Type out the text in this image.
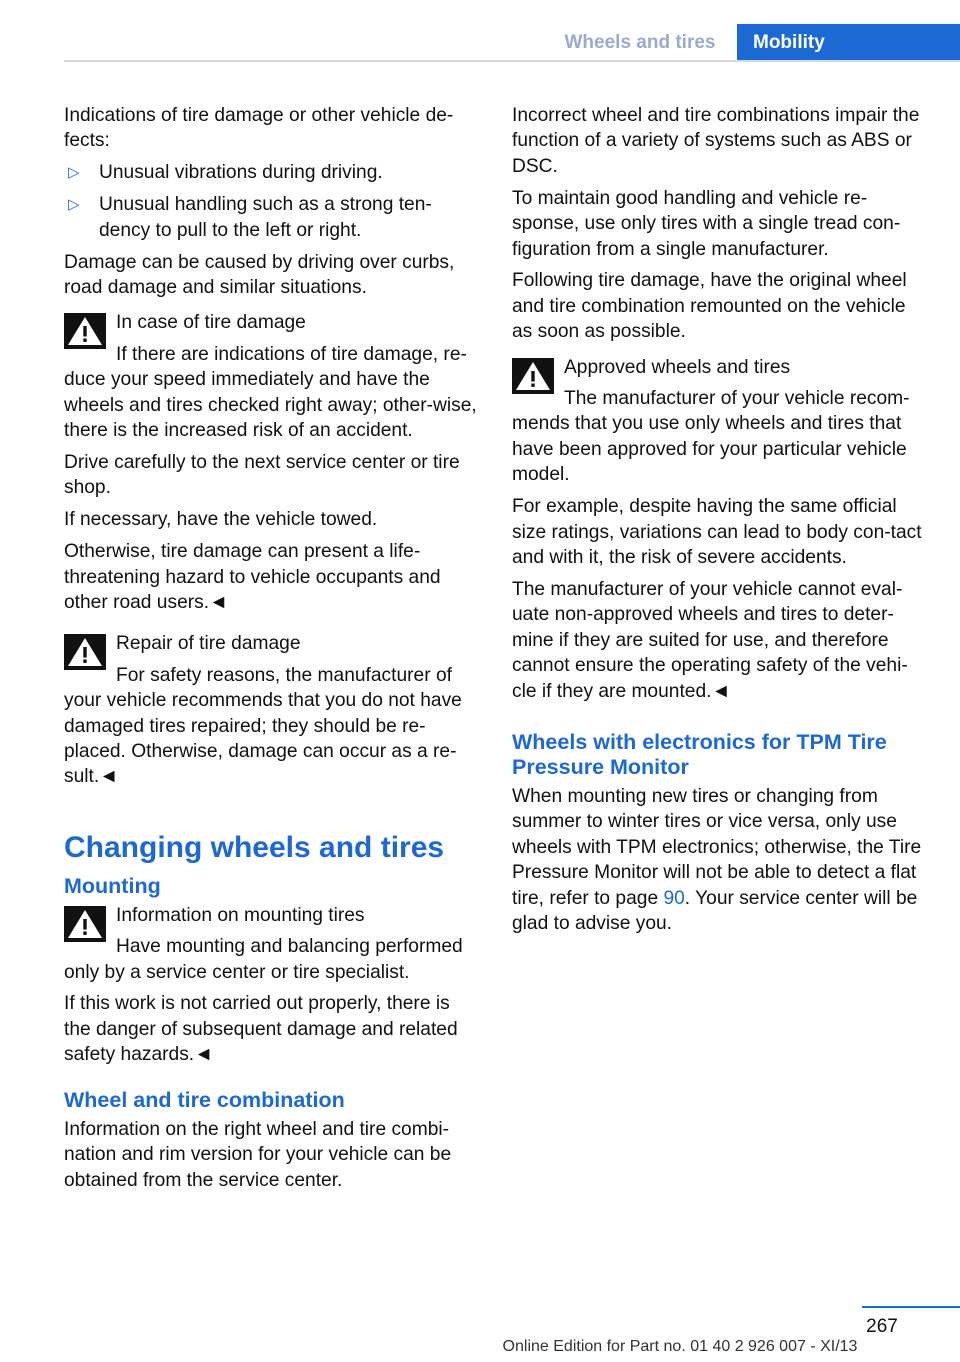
Wheels and tires	Mobility

Indications of tire damage or other vehicle de‐fects:

▷ Unusual vibrations during driving.
▷ Unusual handling such as a strong ten‐dency to pull to the left or right.

Damage can be caused by driving over curbs, road damage and similar situations.

In case of tire damage

If there are indications of tire damage, re‐duce your speed immediately and have the wheels and tires checked right away; other‐wise, there is the increased risk of an accident.

Drive carefully to the next service center or tire shop.

If necessary, have the vehicle towed.

Otherwise, tire damage can present a life-threatening hazard to vehicle occupants and other road users.◄

Repair of tire damage

For safety reasons, the manufacturer of your vehicle recommends that you do not have damaged tires repaired; they should be re‐placed. Otherwise, damage can occur as a re‐sult.◄

Changing wheels and tires
Mounting
Information on mounting tires

Have mounting and balancing performed only by a service center or tire specialist.

If this work is not carried out properly, there is the danger of subsequent damage and related safety hazards.◄

Wheel and tire combination

Information on the right wheel and tire combi‐nation and rim version for your vehicle can be obtained from the service center.

Incorrect wheel and tire combinations impair the function of a variety of systems such as ABS or DSC.

To maintain good handling and vehicle re‐sponse, use only tires with a single tread con‐figuration from a single manufacturer.

Following tire damage, have the original wheel and tire combination remounted on the vehicle as soon as possible.

Approved wheels and tires

The manufacturer of your vehicle recom‐mends that you use only wheels and tires that have been approved for your particular vehicle model.

For example, despite having the same official size ratings, variations can lead to body con‐tact and with it, the risk of severe accidents.

The manufacturer of your vehicle cannot eval‐uate non-approved wheels and tires to deter‐mine if they are suited for use, and therefore cannot ensure the operating safety of the vehi‐cle if they are mounted.◄

Wheels with electronics for TPM Tire Pressure Monitor

When mounting new tires or changing from summer to winter tires or vice versa, only use wheels with TPM electronics; otherwise, the Tire Pressure Monitor will not be able to detect a flat tire, refer to page 90. Your service center will be glad to advise you.

267
Online Edition for Part no. 01 40 2 926 007 - XI/13
